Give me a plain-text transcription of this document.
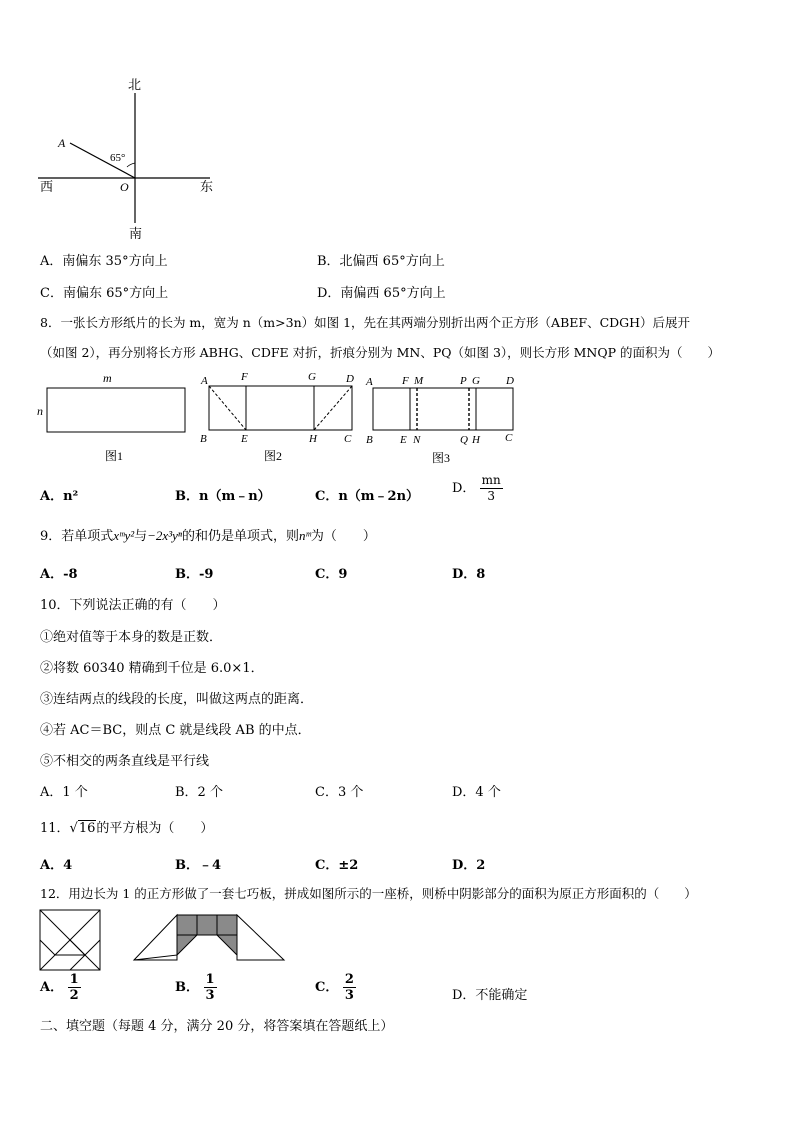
北
南
西	东
A
O
65°
A．南偏东 35°方向上	B．北偏西 65°方向上
C．南偏东 65°方向上	D．南偏西 65°方向上
8．一张长方形纸片的长为 m，宽为 n（m>3n）如图 1，先在其两端分别折出两个正方形（ABEF、CDGH）后展开
（如图 2），再分别将长方形 ABHG、CDFE 对折，折痕分别为 MN、PQ（如图 3），则长方形 MNQP 的面积为（　　）
m
n
图1
A	F	G	D
B	E	H C
图2
A	F M	P G D
B E N	Q H C
图3
A．n²	B．n（m﹣n）	C．n（m﹣2n）
D． $\frac{mn}{3}$
9．若单项式xᵐy²与−2x³yⁿ的和仍是单项式，则nᵐ为（　　）
A．-8	B．-9	C．9	D．8
10．下列说法正确的有（　　）
①绝对值等于本身的数是正数．
②将数 60340 精确到千位是 6.0×1．
③连结两点的线段的长度，叫做这两点的距离．
④若 AC＝BC，则点 C 就是线段 AB 的中点．
⑤不相交的两条直线是平行线
A．1 个	B．2 个	C．3 个	D．4 个
11．√16的平方根为（　　）
A．4	B．﹣4	C．±2	D．2
12．用边长为 1 的正方形做了一套七巧板，拼成如图所示的一座桥，则桥中阴影部分的面积为原正方形面积的（　　）
A． $\frac{1}{2}$	B． $\frac{1}{3}$	C． $\frac{2}{3}$	D．不能确定
二、填空题（每题 4 分，满分 20 分，将答案填在答题纸上）
